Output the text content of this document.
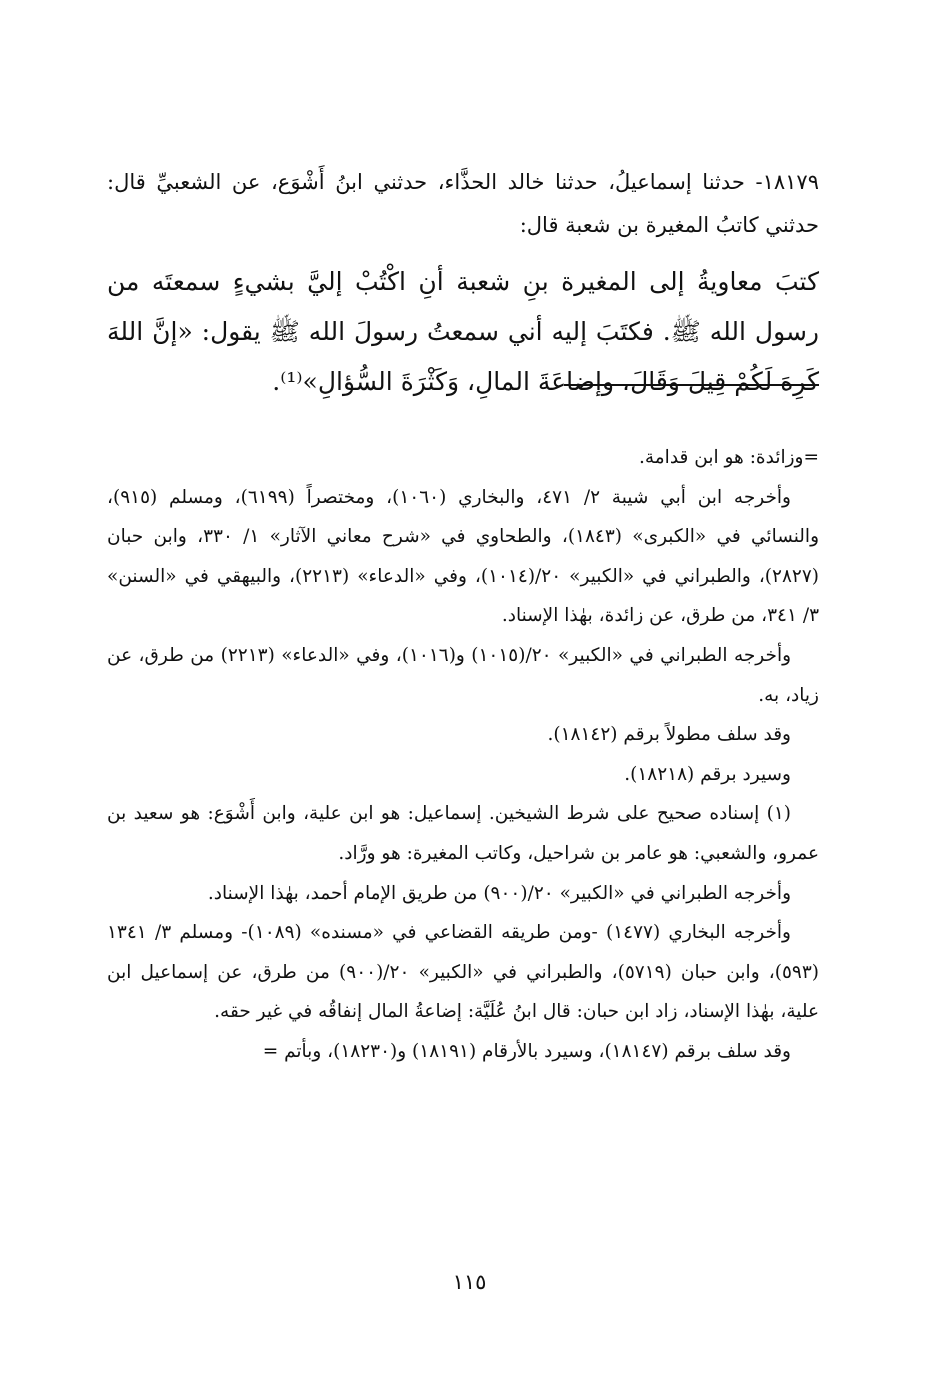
١٨١٧٩- حدثنا إسماعيلُ، حدثنا خالد الحذَّاء، حدثني ابنُ أَشْوَع، عن الشعبيِّ قال: حدثني كاتبُ المغيرة بن شعبة قال:

كتبَ معاويةُ إلى المغيرة بنِ شعبة أنِ اكْتُبْ إليَّ بشيءٍ سمعتَه من رسول الله ﷺ. فكتَبَ إليه أني سمعتُ رسولَ الله ﷺ يقول: «إنَّ اللهَ كَرِهَ لَكُمْ قِيلَ وَقَالَ، وإضاعَةَ المالِ، وَكَثْرَةَ السُّؤالِ»⁽¹⁾.

=وزائدة: هو ابن قدامة.

وأخرجه ابن أبي شيبة ٢/ ٤٧١، والبخاري (١٠٦٠)، ومختصراً (٦١٩٩)، ومسلم (٩١٥)، والنسائي في «الكبرى» (١٨٤٣)، والطحاوي في «شرح معاني الآثار» ١/ ٣٣٠، وابن حبان (٢٨٢٧)، والطبراني في «الكبير» ٢٠/(١٠١٤)، وفي «الدعاء» (٢٢١٣)، والبيهقي في «السنن» ٣/ ٣٤١، من طرق، عن زائدة، بهٰذا الإسناد.

وأخرجه الطبراني في «الكبير» ٢٠/(١٠١٥) و(١٠١٦)، وفي «الدعاء» (٢٢١٣) من طرق، عن زياد، به.

وقد سلف مطولاً برقم (١٨١٤٢).

وسيرد برقم (١٨٢١٨).

(١) إسناده صحيح على شرط الشيخين. إسماعيل: هو ابن علية، وابن أَشْوَع: هو سعيد بن عمرو، والشعبي: هو عامر بن شراحيل، وكاتب المغيرة: هو ورَّاد.

وأخرجه الطبراني في «الكبير» ٢٠/(٩٠٠) من طريق الإمام أحمد، بهٰذا الإسناد.

وأخرجه البخاري (١٤٧٧) -ومن طريقه القضاعي في «مسنده» (١٠٨٩)- ومسلم ٣/ ١٣٤١ (٥٩٣)، وابن حبان (٥٧١٩)، والطبراني في «الكبير» ٢٠/(٩٠٠) من طرق، عن إسماعيل ابن علية، بهٰذا الإسناد، زاد ابن حبان: قال ابنُ عُلَيَّة: إضاعةُ المال إنفاقُه في غير حقه.

وقد سلف برقم (١٨١٤٧)، وسيرد بالأرقام (١٨١٩١) و(١٨٢٣٠)، وبأتم =

١١٥
